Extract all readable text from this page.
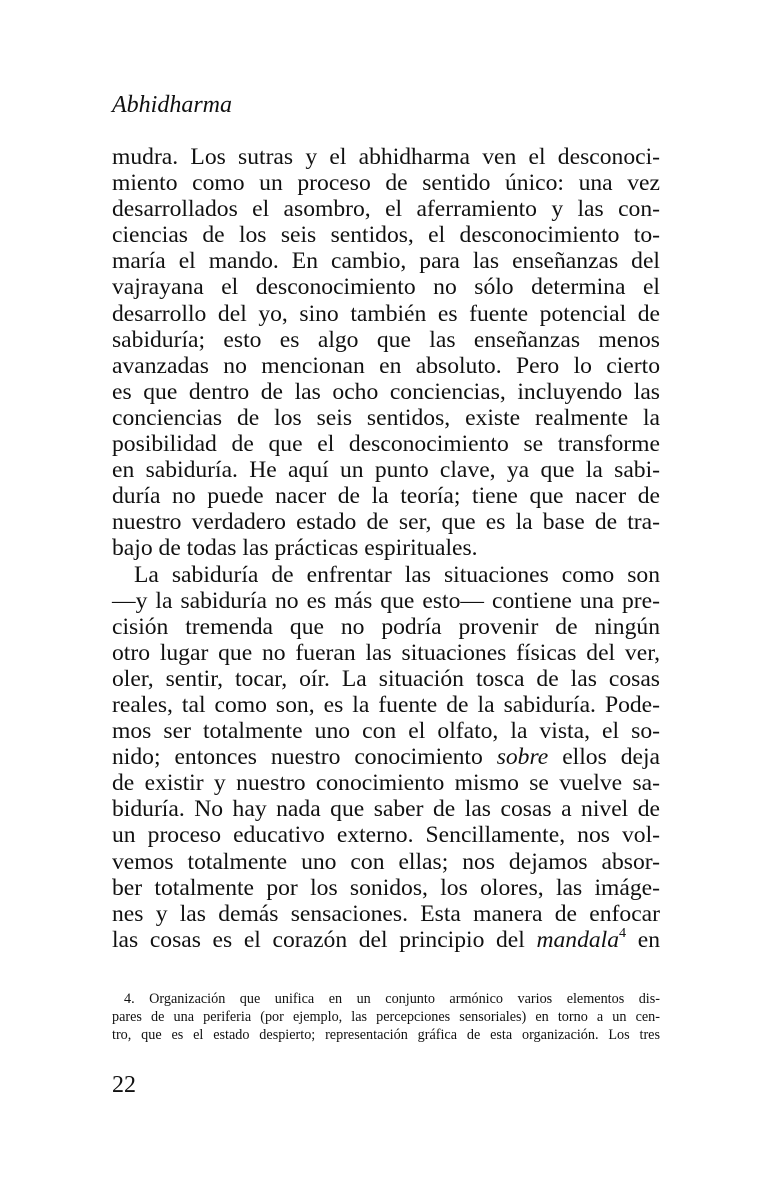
Abhidharma
mudra. Los sutras y el abhidharma ven el desconoci-
miento como un proceso de sentido único: una vez
desarrollados el asombro, el aferramiento y las con-
ciencias de los seis sentidos, el desconocimiento to-
maría el mando. En cambio, para las enseñanzas del
vajrayana el desconocimiento no sólo determina el
desarrollo del yo, sino también es fuente potencial de
sabiduría; esto es algo que las enseñanzas menos
avanzadas no mencionan en absoluto. Pero lo cierto
es que dentro de las ocho conciencias, incluyendo las
conciencias de los seis sentidos, existe realmente la
posibilidad de que el desconocimiento se transforme
en sabiduría. He aquí un punto clave, ya que la sabi-
duría no puede nacer de la teoría; tiene que nacer de
nuestro verdadero estado de ser, que es la base de tra-
bajo de todas las prácticas espirituales.
La sabiduría de enfrentar las situaciones como son
—y la sabiduría no es más que esto— contiene una pre-
cisión tremenda que no podría provenir de ningún
otro lugar que no fueran las situaciones físicas del ver,
oler, sentir, tocar, oír. La situación tosca de las cosas
reales, tal como son, es la fuente de la sabiduría. Pode-
mos ser totalmente uno con el olfato, la vista, el so-
nido; entonces nuestro conocimiento sobre ellos deja
de existir y nuestro conocimiento mismo se vuelve sa-
biduría. No hay nada que saber de las cosas a nivel de
un proceso educativo externo. Sencillamente, nos vol-
vemos totalmente uno con ellas; nos dejamos absor-
ber totalmente por los sonidos, los olores, las imáge-
nes y las demás sensaciones. Esta manera de enfocar
las cosas es el corazón del principio del mandala$^4$ en
4. Organización que unifica en un conjunto armónico varios elementos dis-
pares de una periferia (por ejemplo, las percepciones sensoriales) en torno a un cen-
tro, que es el estado despierto; representación gráfica de esta organización. Los tres
22
